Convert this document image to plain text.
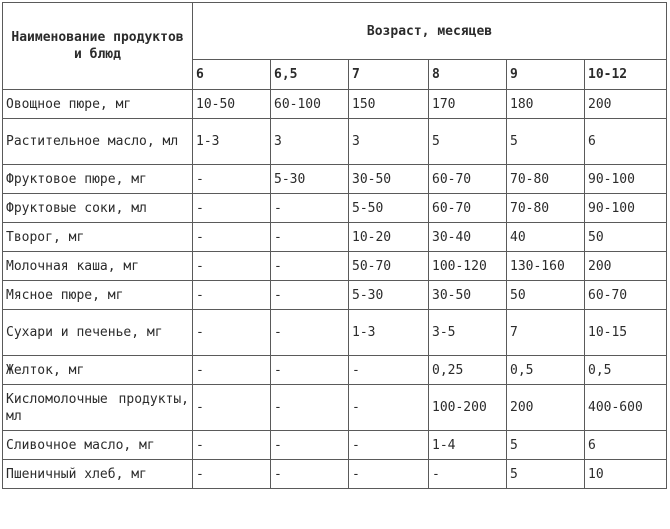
Наименование продуктов и блюд	Возраст, месяцев					
	6	6,5	7	8	9	10-12
Овощное пюре, мг	10-50	60-100	150	170	180	200
Растительное масло, мл	1-3	3	3	5	5	6
Фруктовое пюре, мг	-	5-30	30-50	60-70	70-80	90-100
Фруктовые соки, мл	-	-	5-50	60-70	70-80	90-100
Творог, мг	-	-	10-20	30-40	40	50
Молочная каша, мг	-	-	50-70	100-120	130-160	200
Мясное пюре, мг	-	-	5-30	30-50	50	60-70
Сухари и печенье, мг	-	-	1-3	3-5	7	10-15
Желток, мг	-	-	-	0,25	0,5	0,5
Кисломолочные продукты, мл	-	-	-	100-200	200	400-600
Сливочное масло, мг	-	-	-	1-4	5	6
Пшеничный хлеб, мг	-	-	-	-	5	10
